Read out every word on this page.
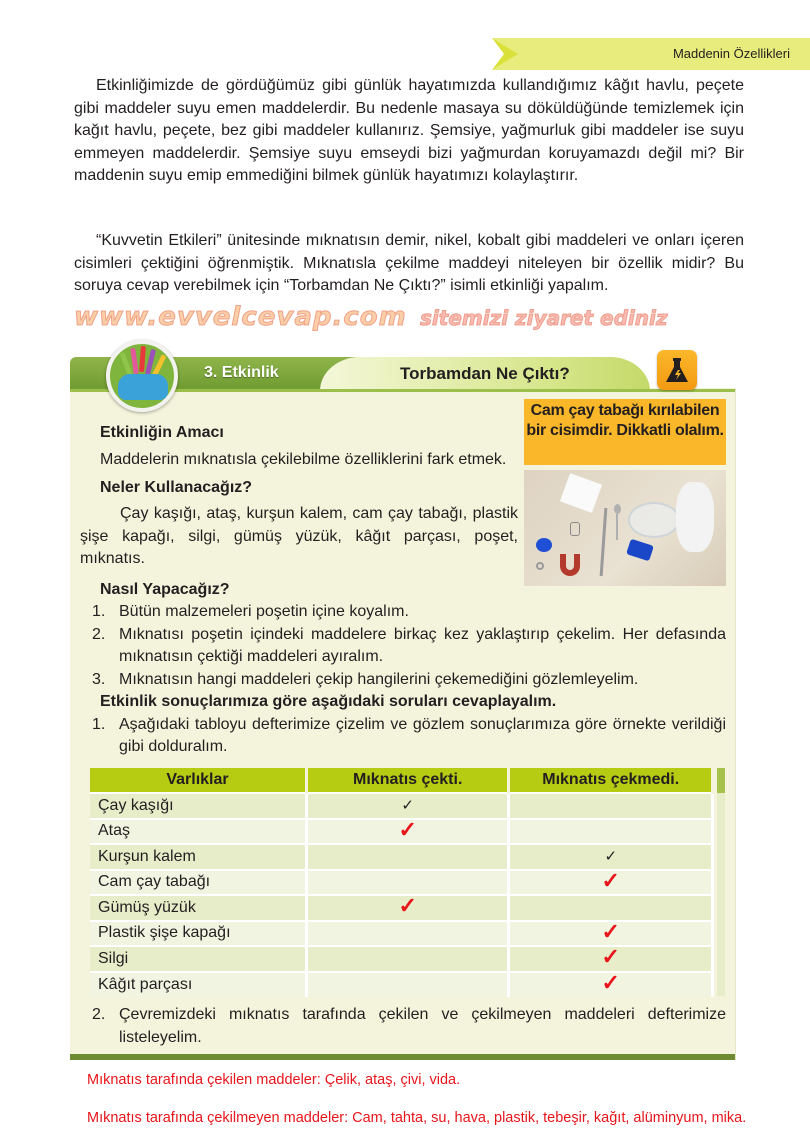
Maddenin Özellikleri

Etkinliğimizde de gördüğümüz gibi günlük hayatımızda kullandığımız kâğıt havlu, peçete gibi maddeler suyu emen maddelerdir. Bu nedenle masaya su döküldüğünde temizlemek için kağıt havlu, peçete, bez gibi maddeler kullanırız. Şemsiye, yağmurluk gibi maddeler ise suyu emmeyen maddelerdir. Şemsiye suyu emseydi bizi yağmurdan koruyamazdı değil mi? Bir maddenin suyu emip emmediğini bilmek günlük hayatımızı kolaylaştırır.

“Kuvvetin Etkileri” ünitesinde mıknatısın demir, nikel, kobalt gibi maddeleri ve onları içeren cisimleri çektiğini öğrenmiştik. Mıknatısla çekilme maddeyi niteleyen bir özellik midir? Bu soruya cevap verebilmek için “Torbamdan Ne Çıktı?” isimli etkinliği yapalım.

www.evvelcevap.com sitemizi ziyaret ediniz
3. Etkinlik	Torbamdan Ne Çıktı?
Etkinliğin Amacı
Maddelerin mıknatısla çekilebilme özelliklerini fark etmek.
Neler Kullanacağız?
Çay kaşığı, ataş, kurşun kalem, cam çay tabağı, plastik şişe kapağı, silgi, gümüş yüzük, kâğıt parçası, poşet, mıknatıs.
Cam çay tabağı kırılabilen bir cisimdir. Dikkatli olalım.
Nasıl Yapacağız?
1. Bütün malzemeleri poşetin içine koyalım.
2. Mıknatısı poşetin içindeki maddelere birkaç kez yaklaştırıp çekelim. Her defasında mıknatısın çektiği maddeleri ayıralım.
3. Mıknatısın hangi maddeleri çekip hangilerini çekemediğini gözlemleyelim.
Etkinlik sonuçlarımıza göre aşağıdaki soruları cevaplayalım.
1. Aşağıdaki tabloyu defterimize çizelim ve gözlem sonuçlarımıza göre örnekte verildiği gibi dolduralım.
Varlıklar	Mıknatıs çekti.	Mıknatıs çekmedi.
Çay kaşığı	✓	
Ataş	✓	
Kurşun kalem		✓
Cam çay tabağı		✓
Gümüş yüzük	✓	
Plastik şişe kapağı		✓
Silgi		✓
Kâğıt parçası		✓
2. Çevremizdeki mıknatıs tarafında çekilen ve çekilmeyen maddeleri defterimize listeleyelim.
Mıknatıs tarafında çekilen maddeler: Çelik, ataş, çivi, vida.
Mıknatıs tarafında çekilmeyen maddeler: Cam, tahta, su, hava, plastik, tebeşir, kağıt, alüminyum, mika.
